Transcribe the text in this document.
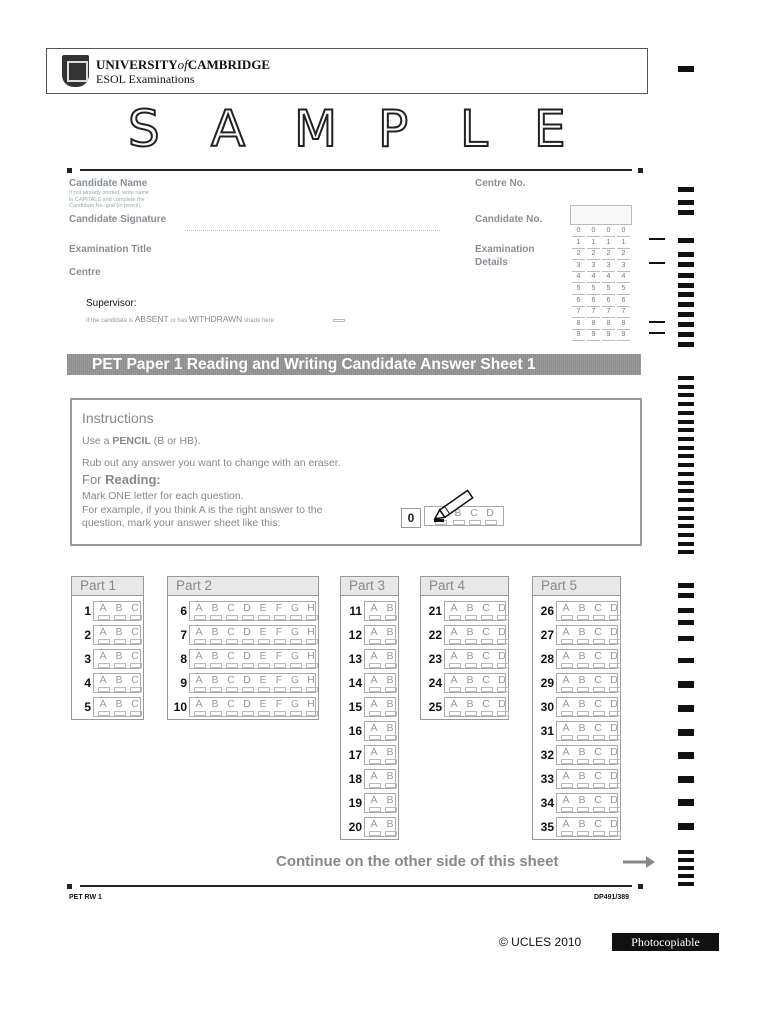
UNIVERSITYofCAMBRIDGE
ESOL Examinations
S A M P L E
Candidate Name
If not already printed, write name
in CAPITALS and complete the
Candidate No. grid (in pencil).
Candidate Signature
Examination Title
Centre
Centre No.
Candidate No.
Examination
Details
Supervisor:
If the candidate is ABSENT or has WITHDRAWN shade here
0	0	0	0
1	1	1	1
2	2	2	2
3	3	3	3
4	4	4	4
5	5	5	5
6	6	6	6
7	7	7	7
8	8	8	8
9	9	9	9
PET Paper 1 Reading and Writing Candidate Answer Sheet 1
Instructions
Use a PENCIL (B or HB).
Rub out any answer you want to change with an eraser.
For Reading:
Mark ONE letter for each question.
For example, if you think A is the right answer to the
question, mark your answer sheet like this:	0	B C D
Part 1
1 A B C
2 A B C
3 A B C
4 A B C
5 A B C
Part 2
6 A B C D E F G H
7 A B C D E F G H
8 A B C D E F G H
9 A B C D E F G H
10 A B C D E F G H
Part 3
11 A B
12 A B
13 A B
14 A B
15 A B
16 A B
17 A B
18 A B
19 A B
20 A B
Part 4
21 A B C D
22 A B C D
23 A B C D
24 A B C D
25 A B C D
Part 5
26 A B C D
27 A B C D
28 A B C D
29 A B C D
30 A B C D
31 A B C D
32 A B C D
33 A B C D
34 A B C D
35 A B C D
Continue on the other side of this sheet
PET RW 1	DP491/389
© UCLES 2010	Photocopiable
